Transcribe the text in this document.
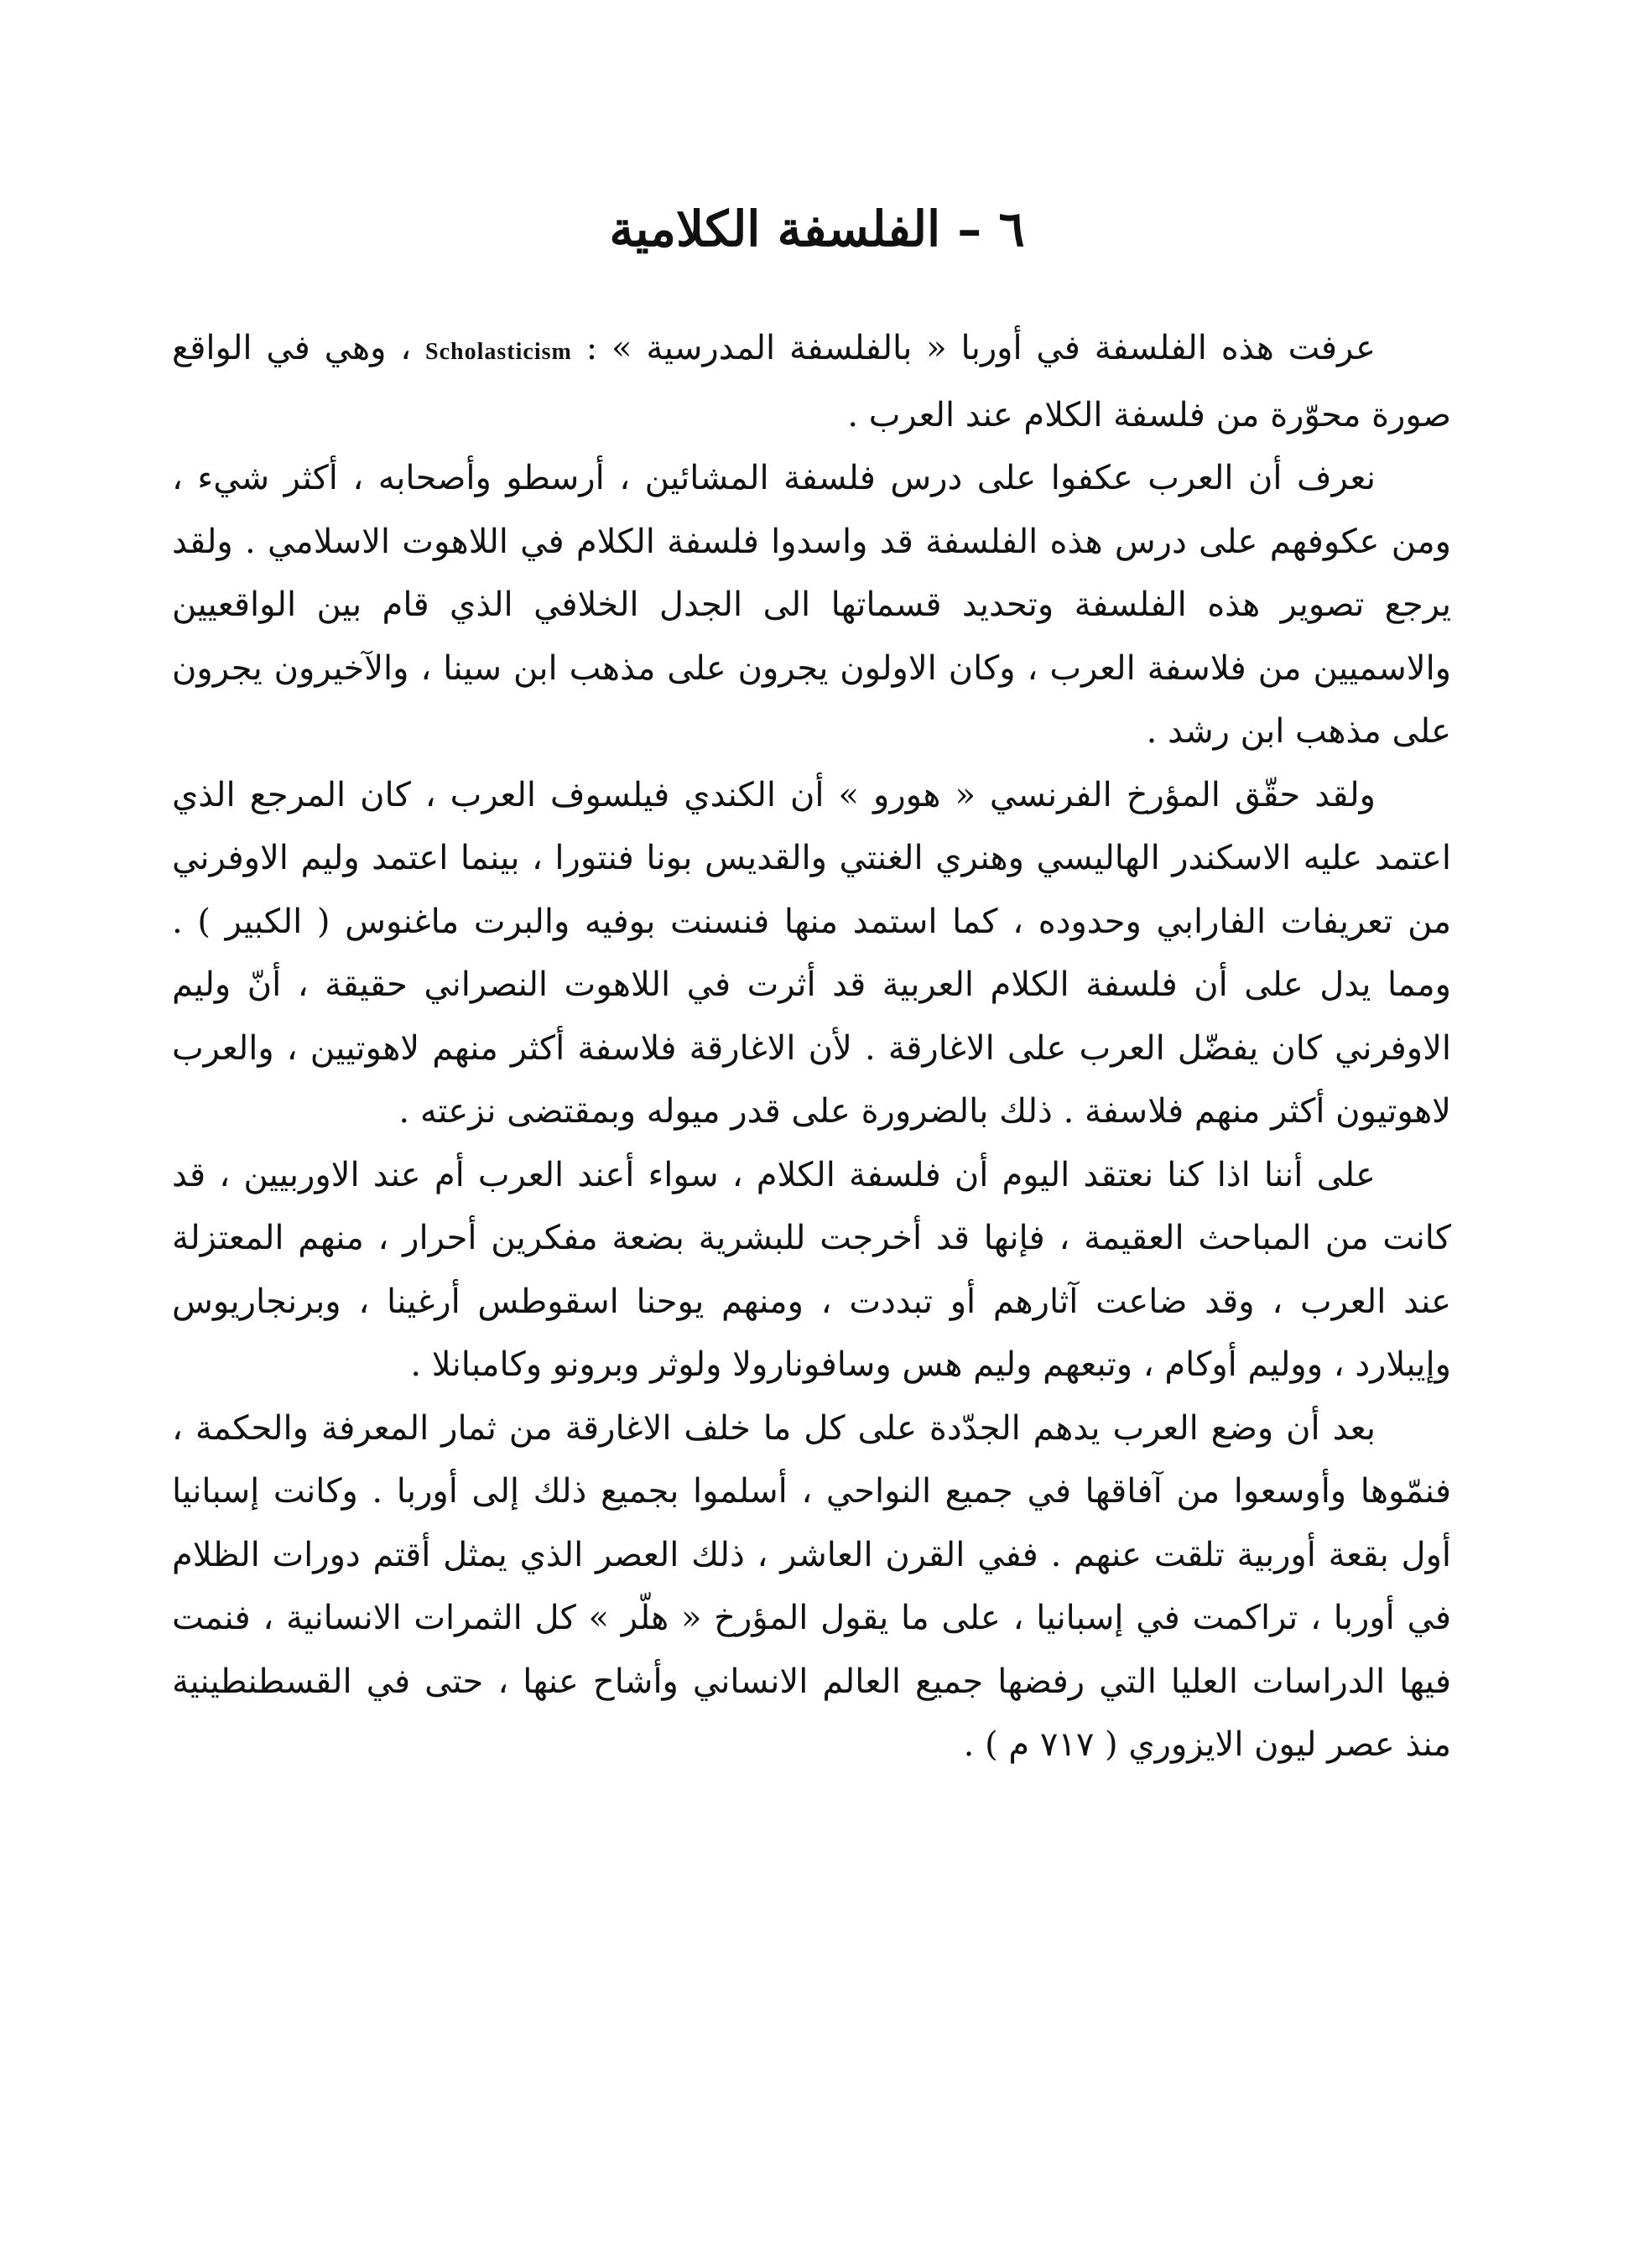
٦ – الفلسفة الكلامية

عرفت هذه الفلسفة في أوربا « بالفلسفة المدرسية » : Scholasticism ، وهي في الواقع صورة محوّرة من فلسفة الكلام عند العرب .

نعرف أن العرب عكفوا على درس فلسفة المشائين ، أرسطو وأصحابه ، أكثر شيء ، ومن عكوفهم على درس هذه الفلسفة قد واسدوا فلسفة الكلام في اللاهوت الاسلامي . ولقد يرجع تصوير هذه الفلسفة وتحديد قسماتها الى الجدل الخلافي الذي قام بين الواقعيين والاسميين من فلاسفة العرب ، وكان الاولون يجرون على مذهب ابن سينا ، والآخيرون يجرون على مذهب ابن رشد .

ولقد حقّق المؤرخ الفرنسي « هورو » أن الكندي فيلسوف العرب ، كان المرجع الذي اعتمد عليه الاسكندر الهاليسي وهنري الغنتي والقديس بونا فنتورا ، بينما اعتمد وليم الاوفرني من تعريفات الفارابي وحدوده ، كما استمد منها فنسنت بوفيه والبرت ماغنوس ( الكبير ) . ومما يدل على أن فلسفة الكلام العربية قد أثرت في اللاهوت النصراني حقيقة ، أنّ وليم الاوفرني كان يفضّل العرب على الاغارقة . لأن الاغارقة فلاسفة أكثر منهم لاهوتيين ، والعرب لاهوتيون أكثر منهم فلاسفة . ذلك بالضرورة على قدر ميوله وبمقتضى نزعته .

على أننا اذا كنا نعتقد اليوم أن فلسفة الكلام ، سواء أعند العرب أم عند الاوربيين ، قد كانت من المباحث العقيمة ، فإنها قد أخرجت للبشرية بضعة مفكرين أحرار ، منهم المعتزلة عند العرب ، وقد ضاعت آثارهم أو تبددت ، ومنهم يوحنا اسقوطس أرغينا ، وبرنجاريوس وإيبلارد ، ووليم أوكام ، وتبعهم وليم هس وسافونارولا ولوثر وبرونو وكامبانلا .

بعد أن وضع العرب يدهم الجدّدة على كل ما خلف الاغارقة من ثمار المعرفة والحكمة ، فنمّوها وأوسعوا من آفاقها في جميع النواحي ، أسلموا بجميع ذلك إلى أوربا . وكانت إسبانيا أول بقعة أوربية تلقت عنهم . ففي القرن العاشر ، ذلك العصر الذي يمثل أقتم دورات الظلام في أوربا ، تراكمت في إسبانيا ، على ما يقول المؤرخ « هلّر » كل الثمرات الانسانية ، فنمت فيها الدراسات العليا التي رفضها جميع العالم الانساني وأشاح عنها ، حتى في القسطنطينية منذ عصر ليون الايزوري ( ٧١٧ م ) .
